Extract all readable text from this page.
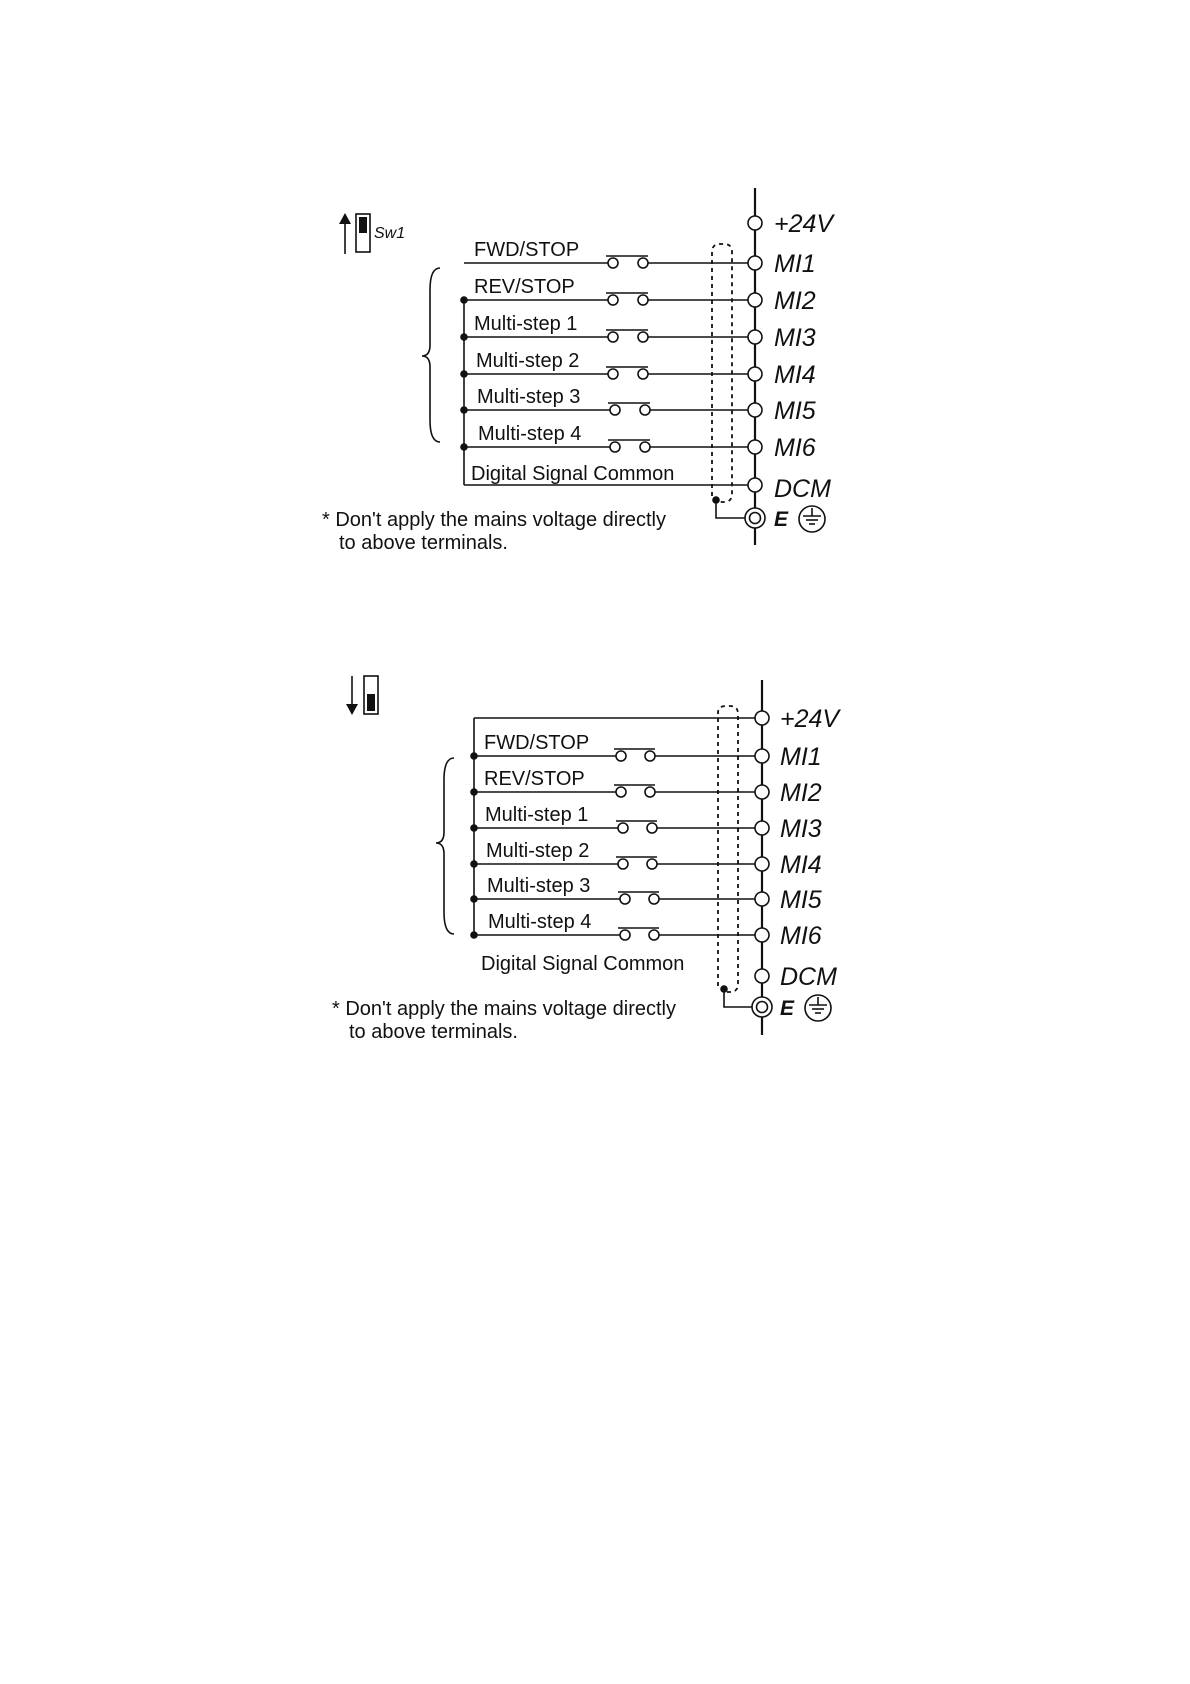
Sw1	+24V
MI1
MI2
MI3
MI4
MI5
MI6
DCM
E
FWD/STOP
REV/STOP
Multi-step 1
Multi-step 2
Multi-step 3
Multi-step 4
Digital Signal Common
* Don't apply the mains voltage directly
to above terminals.
+24V
MI1
MI2
MI3
MI4
MI5
MI6
DCM
E
FWD/STOP
REV/STOP
Multi-step 1
Multi-step 2
Multi-step 3
Multi-step 4
Digital Signal Common
* Don't apply the mains voltage directly
to above terminals.
